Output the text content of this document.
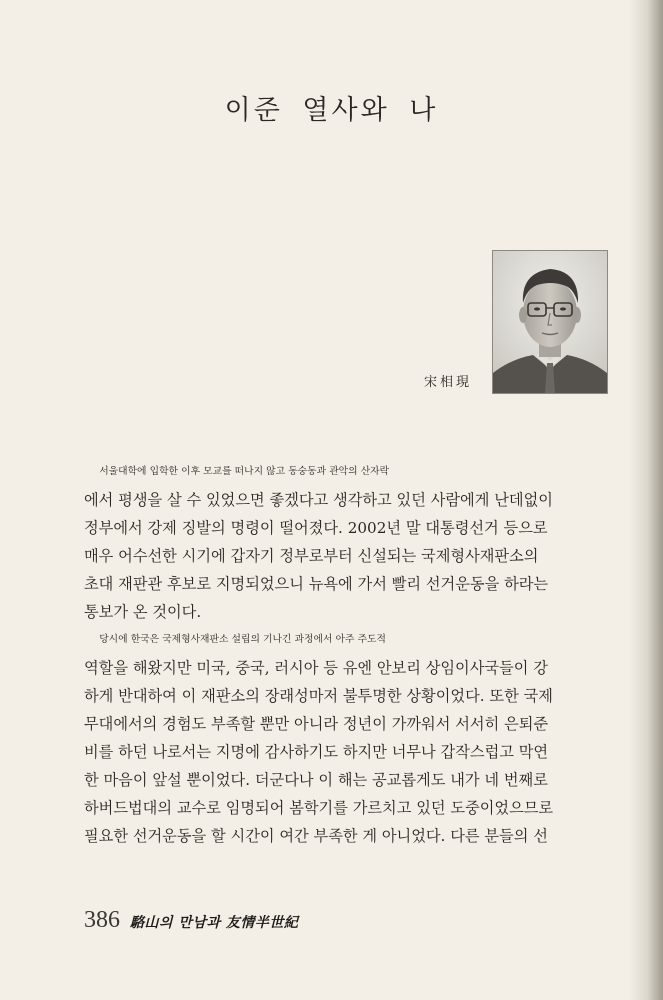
이준 열사와 나
宋相現

서울대학에 입학한 이후 모교를 떠나지 않고 동숭동과 관악의 산자락
에서 평생을 살 수 있었으면 좋겠다고 생각하고 있던 사람에게 난데없이
정부에서 강제 징발의 명령이 떨어졌다. 2002년 말 대통령선거 등으로
매우 어수선한 시기에 갑자기 정부로부터 신설되는 국제형사재판소의
초대 재판관 후보로 지명되었으니 뉴욕에 가서 빨리 선거운동을 하라는
통보가 온 것이다.

당시에 한국은 국제형사재판소 설립의 기나긴 과정에서 아주 주도적
역할을 해왔지만 미국, 중국, 러시아 등 유엔 안보리 상임이사국들이 강
하게 반대하여 이 재판소의 장래성마저 불투명한 상황이었다. 또한 국제
무대에서의 경험도 부족할 뿐만 아니라 정년이 가까워서 서서히 은퇴준
비를 하던 나로서는 지명에 감사하기도 하지만 너무나 갑작스럽고 막연
한 마음이 앞설 뿐이었다. 더군다나 이 해는 공교롭게도 내가 네 번째로
하버드법대의 교수로 임명되어 봄학기를 가르치고 있던 도중이었으므로
필요한 선거운동을 할 시간이 여간 부족한 게 아니었다. 다른 분들의 선

386 駱山의 만남과 友情半世紀
